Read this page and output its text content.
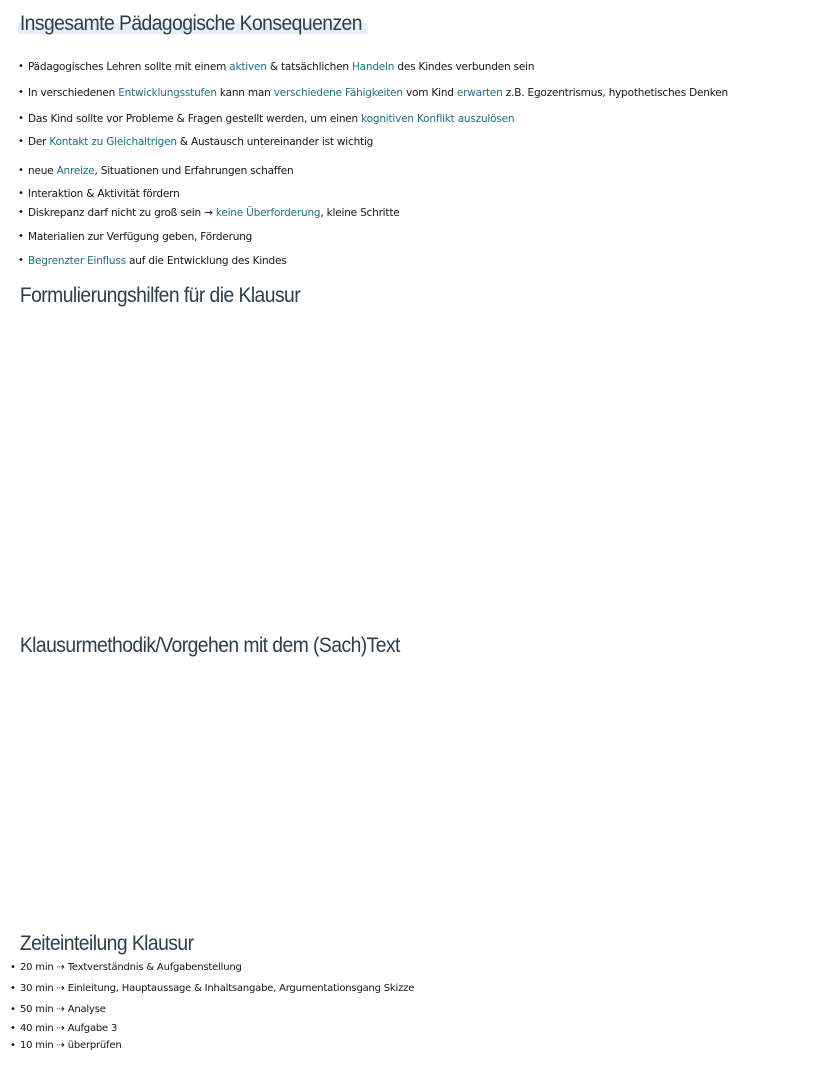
Insgesamte Pädagogische Konsequenzen
• Pädagogisches Lehren sollte mit einem aktiven & tatsächlichen Handeln des Kindes verbunden sein
• In verschiedenen Entwicklungsstufen kann man verschiedene Fähigkeiten vom Kind erwarten z.B. Egozentrismus, hypothetisches Denken
• Das Kind sollte vor Probleme & Fragen gestellt werden, um einen kognitiven Konflikt auszulösen
• Der Kontakt zu Gleichaltrigen & Austausch untereinander ist wichtig
• neue Anreize, Situationen und Erfahrungen schaffen
• Interaktion & Aktivität fördern
• Diskrepanz darf nicht zu groß sein → keine Überforderung, kleine Schritte
• Materialien zur Verfügung geben, Förderung
• Begrenzter Einfluss auf die Entwicklung des Kindes
Formulierungshilfen für die Klausur
Klausurmethodik/Vorgehen mit dem (Sach)Text
Zeiteinteilung Klausur
• 20 min ⇢ Textverständnis & Aufgabenstellung
• 30 min ⇢ Einleitung, Hauptaussage & Inhaltsangabe, Argumentationsgang Skizze
• 50 min ⇢ Analyse
• 40 min ⇢ Aufgabe 3
• 10 min ⇢ überprüfen
